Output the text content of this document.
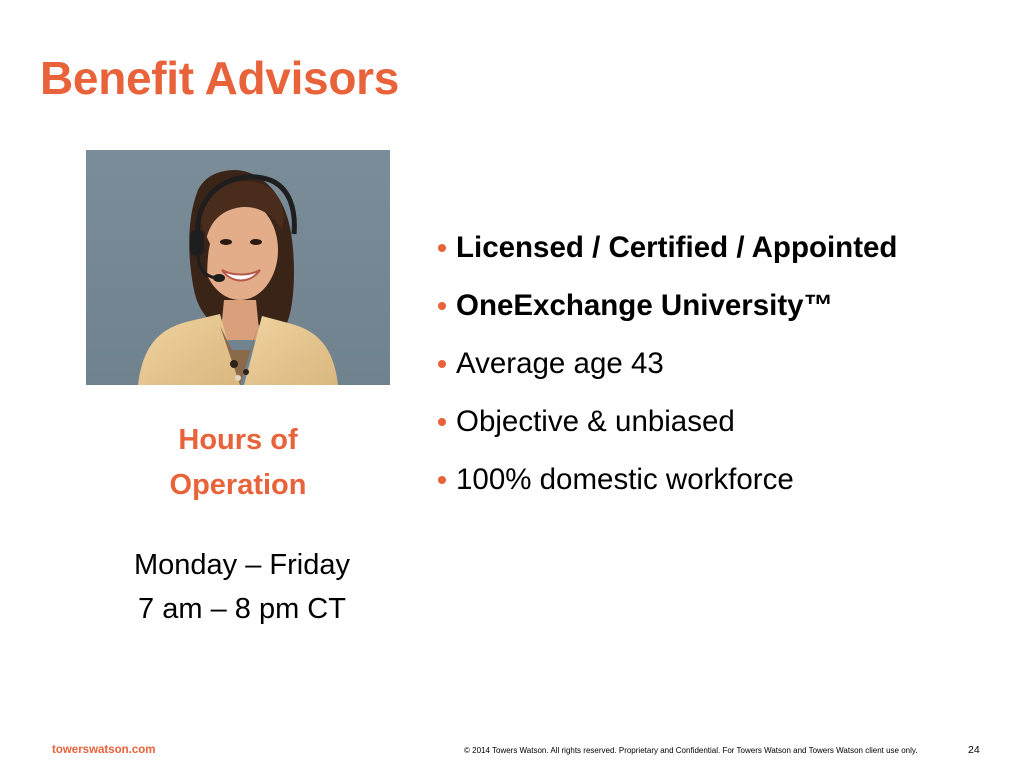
Benefit Advisors
Hours of
Operation
Monday – Friday
7 am – 8 pm CT
Licensed / Certified / Appointed
OneExchange University™
Average age 43
Objective & unbiased
100% domestic workforce
towerswatson.com	© 2014 Towers Watson. All rights reserved. Proprietary and Confidential. For Towers Watson and Towers Watson client use only.	24
